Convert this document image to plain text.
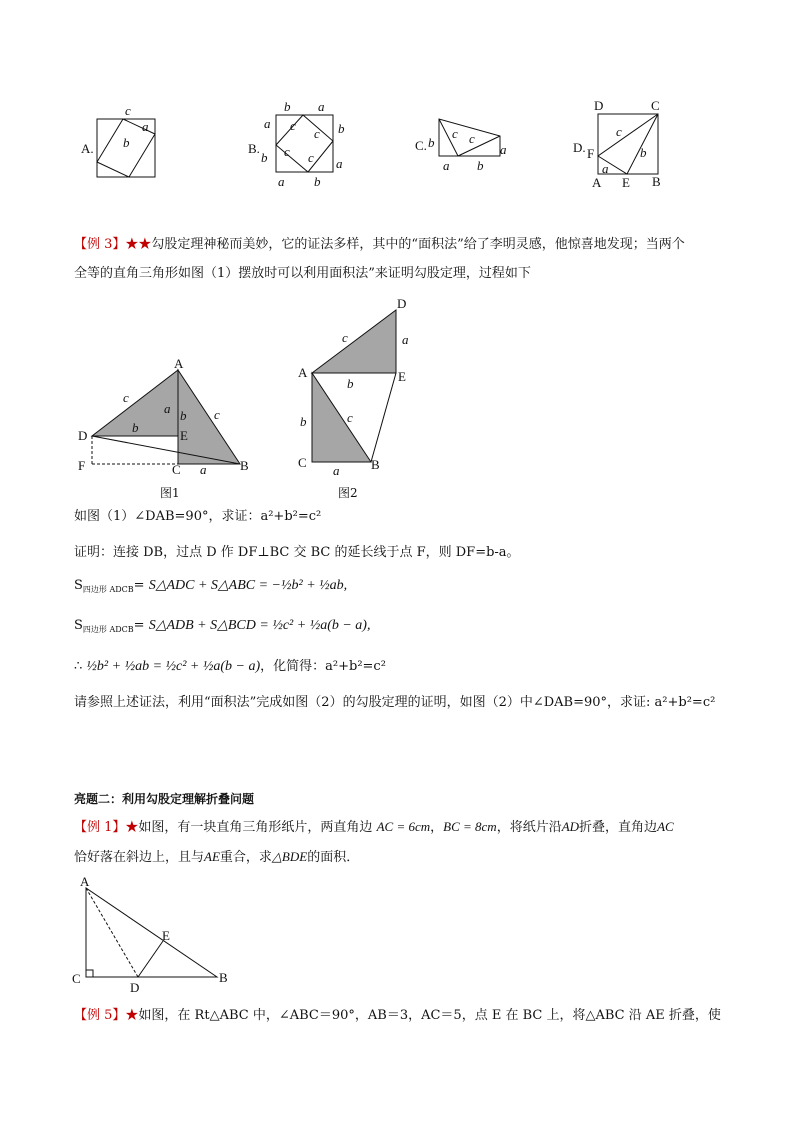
A.
c
a
b	B.
b a
a
b
b
a
a b
c
c
c c
C. b
c c
a
a b
D.
D	C
F
A E B
c
a
b
【例 3】★★勾股定理神秘而美妙，它的证法多样，其中的“面积法”给了李明灵感，他惊喜地发现；当两个
全等的直角三角形如图（1）摆放时可以利用面积法”来证明勾股定理，过程如下
A
D	E
F	C	B
c
a b c
b
a
图1
D
A	E
C	B
c	a
b
c
b
a
图2
如图（1）∠DAB=90°，求证：a²+b²=c²
证明：连接 DB，过点 D 作 DF⊥BC 交 BC 的延长线于点 F，则 DF=b-a。
$S_{四边形 ADCB}=$ S△ADC + S△ABC = −½b² + ½ab,
$S_{四边形 ADCB}=$ S△ADB + S△BCD = ½c² + ½a(b − a),
∴ ½b² + ½ab = ½c² + ½a(b − a)，化简得：a²+b²=c²
请参照上述证法，利用“面积法”完成如图（2）的勾股定理的证明，如图（2）中∠DAB=90°，求证: a²+b²=c²
亮题二：利用勾股定理解折叠问题
【例 1】★如图，有一块直角三角形纸片，两直角边 AC = 6cm，BC = 8cm，将纸片沿AD折叠，直角边AC
恰好落在斜边上，且与AE重合，求△BDE的面积．
A
E
C
D
B
【例 5】★如图，在 Rt△ABC 中，∠ABC＝90°，AB＝3，AC＝5，点 E 在 BC 上，将△ABC 沿 AE 折叠，使
